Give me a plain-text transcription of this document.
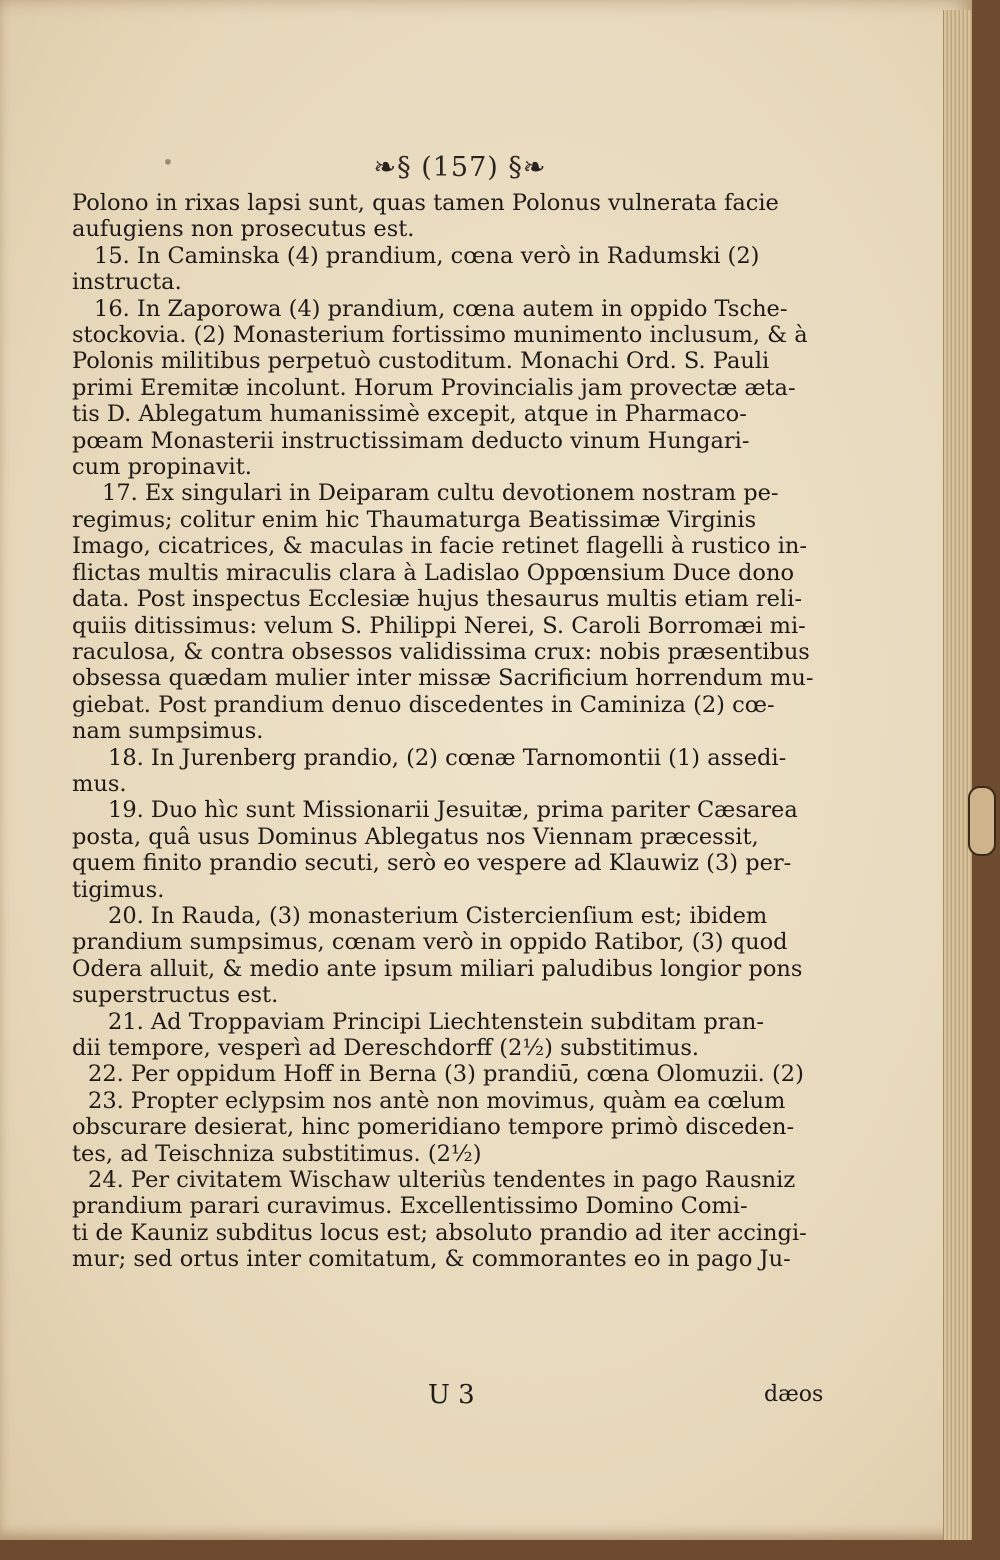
•	❧§ (157) §❧
Polono in rixas lapsi sunt, quas tamen Polonus vulnerata facie
aufugiens non prosecutus est.
15. In Caminska (4) prandium, cœna verò in Radumski (2)
instructa.
16. In Zaporowa (4) prandium, cœna autem in oppido Tsche-
stockovia. (2) Monasterium fortissimo munimento inclusum, & à
Polonis militibus perpetuò custoditum. Monachi Ord. S. Pauli
primi Eremitæ incolunt. Horum Provincialis jam provectæ æta-
tis D. Ablegatum humanissimè excepit, atque in Pharmaco-
pœam Monasterii instructissimam deducto vinum Hungari-
cum propinavit.
17. Ex singulari in Deiparam cultu devotionem nostram pe-
regimus; colitur enim hic Thaumaturga Beatissimæ Virginis
Imago, cicatrices, & maculas in facie retinet flagelli à rustico in-
flictas multis miraculis clara à Ladislao Oppœnsium Duce dono
data. Post inspectus Ecclesiæ hujus thesaurus multis etiam reli-
quiis ditissimus: velum S. Philippi Nerei, S. Caroli Borromæi mi-
raculosa, & contra obsessos validissima crux: nobis præsentibus
obsessa quædam mulier inter missæ Sacrificium horrendum mu-
giebat. Post prandium denuo discedentes in Caminiza (2) cœ-
nam sumpsimus.
18. In Jurenberg prandio, (2) cœnæ Tarnomontii (1) assedi-
mus.
19. Duo hìc sunt Missionarii Jesuitæ, prima pariter Cæsarea
posta, quâ usus Dominus Ablegatus nos Viennam præcessit,
quem finito prandio secuti, serò eo vespere ad Klauwiz (3) per-
tigimus.
20. In Rauda, (3) monasterium Cistercienſium est; ibidem
prandium sumpsimus, cœnam verò in oppido Ratibor, (3) quod
Odera alluit, & medio ante ipsum miliari paludibus longior pons
superstructus est.
21. Ad Troppaviam Principi Liechtenstein subditam pran-
dii tempore, vesperì ad Dereschdorff (2½) substitimus.
22. Per oppidum Hoff in Berna (3) prandiū, cœna Olomuzii. (2)
23. Propter eclypsim nos antè non movimus, quàm ea cœlum
obscurare desierat, hinc pomeridiano tempore primò disceden-
tes, ad Teischniza substitimus. (2½)
24. Per civitatem Wischaw ulteriùs tendentes in pago Rausniz
prandium parari curavimus. Excellentissimo Domino Comi-
ti de Kauniz subditus locus est; absoluto prandio ad iter accingi-
mur; sed ortus inter comitatum, & commorantes eo in pago Ju-
U 3	dæos
